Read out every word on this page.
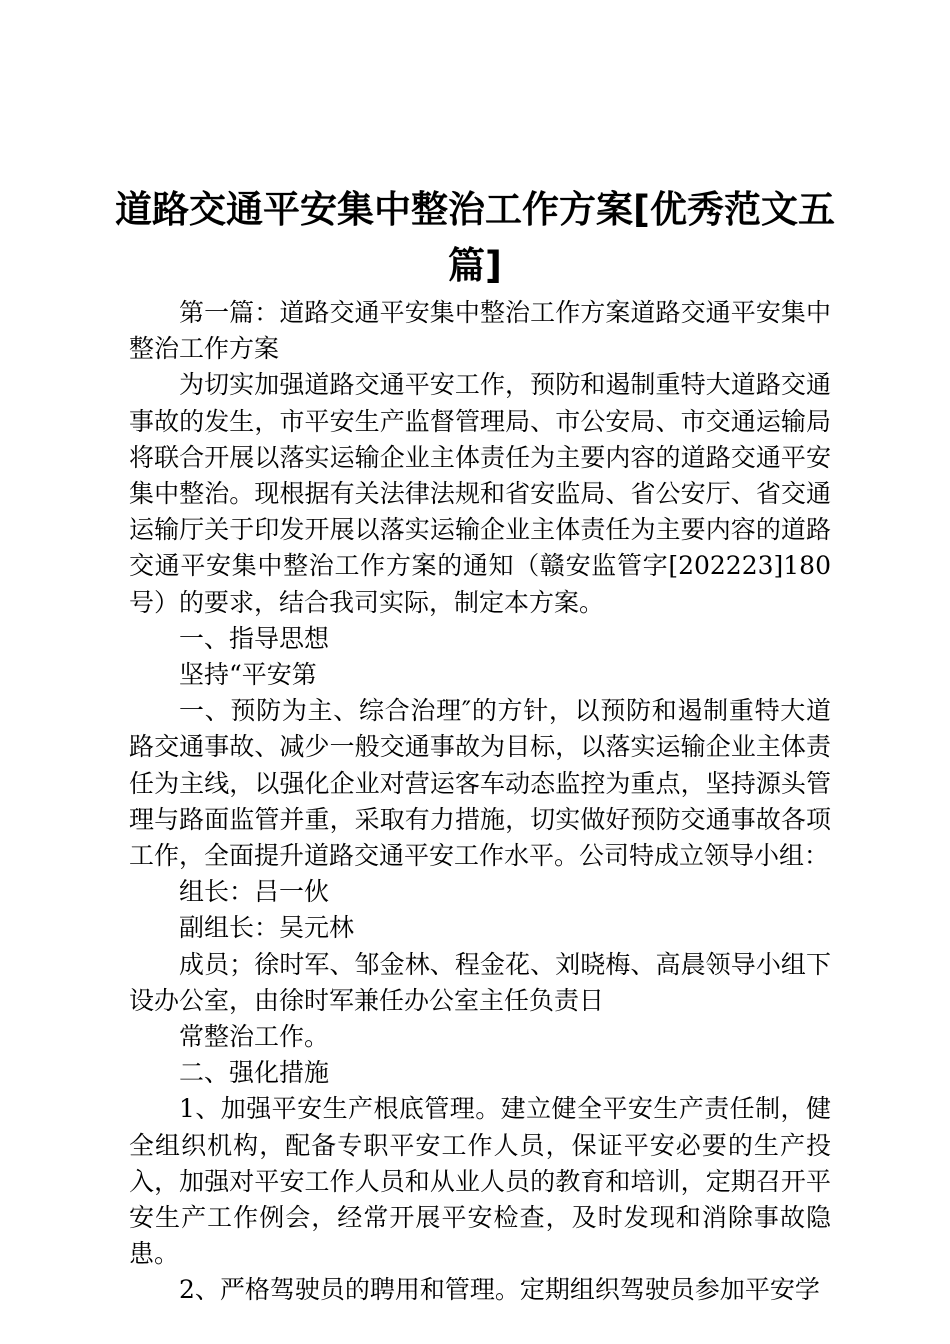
道路交通平安集中整治工作方案[优秀范文五篇]

第一篇：道路交通平安集中整治工作方案道路交通平安集中整治工作方案

为切实加强道路交通平安工作，预防和遏制重特大道路交通事故的发生，市平安生产监督管理局、市公安局、市交通运输局将联合开展以落实运输企业主体责任为主要内容的道路交通平安集中整治。现根据有关法律法规和省安监局、省公安厅、省交通运输厅关于印发开展以落实运输企业主体责任为主要内容的道路交通平安集中整治工作方案的通知（赣安监管字[202223]180号）的要求，结合我司实际，制定本方案。

一、指导思想

坚持“平安第

一、预防为主、综合治理″的方针，以预防和遏制重特大道路交通事故、减少一般交通事故为目标，以落实运输企业主体责任为主线，以强化企业对营运客车动态监控为重点，坚持源头管理与路面监管并重，采取有力措施，切实做好预防交通事故各项工作，全面提升道路交通平安工作水平。公司特成立领导小组：

组长：吕一伙

副组长：吴元林

成员；徐时军、邹金林、程金花、刘晓梅、高晨领导小组下设办公室，由徐时军兼任办公室主任负责日

常整治工作。

二、强化措施

1、加强平安生产根底管理。建立健全平安生产责任制，健全组织机构，配备专职平安工作人员，保证平安必要的生产投入，加强对平安工作人员和从业人员的教育和培训，定期召开平安生产工作例会，经常开展平安检查，及时发现和消除事故隐患。

2、严格驾驶员的聘用和管理。定期组织驾驶员参加平安学
